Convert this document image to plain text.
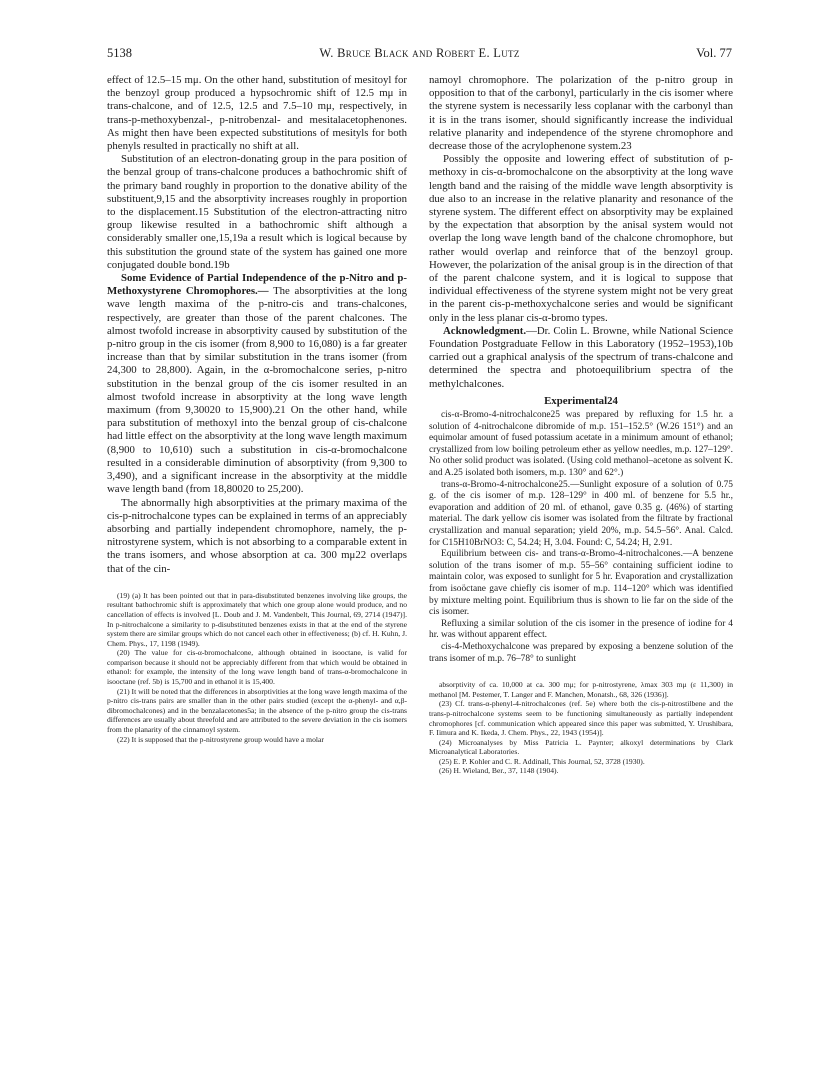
5138	W. Bruce Black and Robert E. Lutz	Vol. 77

effect of 12.5–15 mμ. On the other hand, substitution of mesitoyl for the benzoyl group produced a hypsochromic shift of 12.5 mμ in trans-chalcone, and of 12.5, 12.5 and 7.5–10 mμ, respectively, in trans-p-methoxybenzal-, p-nitrobenzal- and mesitalacetophenones. As might then have been expected substitutions of mesityls for both phenyls resulted in practically no shift at all.

Substitution of an electron-donating group in the para position of the benzal group of trans-chalcone produces a bathochromic shift of the primary band roughly in proportion to the donative ability of the substituent,9,15 and the absorptivity increases roughly in proportion to the displacement.15 Substitution of the electron-attracting nitro group likewise resulted in a bathochromic shift although a considerably smaller one,15,19a a result which is logical because by this substitution the ground state of the system has gained one more conjugated double bond.19b

Some Evidence of Partial Independence of the p-Nitro and p-Methoxystyrene Chromophores.— The absorptivities at the long wave length maxima of the p-nitro-cis and trans-chalcones, respectively, are greater than those of the parent chalcones. The almost twofold increase in absorptivity caused by substitution of the p-nitro group in the cis isomer (from 8,900 to 16,080) is a far greater increase than that by similar substitution in the trans isomer (from 24,300 to 28,800). Again, in the α-bromochalcone series, p-nitro substitution in the benzal group of the cis isomer resulted in an almost twofold increase in absorptivity at the long wave length maximum (from 9,30020 to 15,900).21 On the other hand, while para substitution of methoxyl into the benzal group of cis-chalcone had little effect on the absorptivity at the long wave length maximum (8,900 to 10,610) such a substitution in cis-α-bromochalcone resulted in a considerable diminution of absorptivity (from 9,300 to 3,490), and a significant increase in the absorptivity at the middle wave length band (from 18,80020 to 25,200).

The abnormally high absorptivities at the primary maxima of the cis-p-nitrochalcone types can be explained in terms of an appreciably absorbing and partially independent chromophore, namely, the p-nitrostyrene system, which is not absorbing to a comparable extent in the trans isomers, and whose absorption at ca. 300 mμ22 overlaps that of the cin-

(19) (a) It has been pointed out that in para-disubstituted benzenes involving like groups, the resultant bathochromic shift is approximately that which one group alone would produce, and no cancellation of effects is involved [L. Doub and J. M. Vandenbelt, This Journal, 69, 2714 (1947)]. In p-nitrochalcone a similarity to p-disubstituted benzenes exists in that at the end of the styrene system there are similar groups which do not cancel each other in effectiveness; (b) cf. H. Kuhn, J. Chem. Phys., 17, 1198 (1949).

(20) The value for cis-α-bromochalcone, although obtained in isooctane, is valid for comparison because it should not be appreciably different from that which would be obtained in ethanol: for example, the intensity of the long wave length band of trans-α-bromochalcone in isooctane (ref. 5b) is 15,700 and in ethanol it is 15,400.

(21) It will be noted that the differences in absorptivities at the long wave length maxima of the p-nitro cis-trans pairs are smaller than in the other pairs studied (except the α-phenyl- and α,β-dibromochalcones) and in the benzalacetones5a; in the absence of the p-nitro group the cis-trans differences are usually about threefold and are attributed to the severe deviation in the cis isomers from the planarity of the cinnamoyl system.

(22) It is supposed that the p-nitrostyrene group would have a molar

namoyl chromophore. The polarization of the p-nitro group in opposition to that of the carbonyl, particularly in the cis isomer where the styrene system is necessarily less coplanar with the carbonyl than it is in the trans isomer, should significantly increase the individual relative planarity and independence of the styrene chromophore and decrease those of the acrylophenone system.23

Possibly the opposite and lowering effect of substitution of p-methoxy in cis-α-bromochalcone on the absorptivity at the long wave length band and the raising of the middle wave length absorptivity is due also to an increase in the relative planarity and resonance of the styrene system. The different effect on absorptivity may be explained by the expectation that absorption by the anisal system would not overlap the long wave length band of the chalcone chromophore, but rather would overlap and reinforce that of the benzoyl group. However, the polarization of the anisal group is in the direction of that of the parent chalcone system, and it is logical to suppose that individual effectiveness of the styrene system might not be very great in the parent cis-p-methoxychalcone series and would be significant only in the less planar cis-α-bromo types.

Acknowledgment.—Dr. Colin L. Browne, while National Science Foundation Postgraduate Fellow in this Laboratory (1952–1953),10b carried out a graphical analysis of the spectrum of trans-chalcone and determined the spectra and photoequilibrium spectra of the methylchalcones.

Experimental24

cis-α-Bromo-4-nitrochalcone25 was prepared by refluxing for 1.5 hr. a solution of 4-nitrochalcone dibromide of m.p. 151–152.5° (W.26 151°) and an equimolar amount of fused potassium acetate in a minimum amount of ethanol; crystallized from low boiling petroleum ether as yellow needles, m.p. 127–129°. No other solid product was isolated. (Using cold methanol–acetone as solvent K. and A.25 isolated both isomers, m.p. 130° and 62°.)

trans-α-Bromo-4-nitrochalcone25.—Sunlight exposure of a solution of 0.75 g. of the cis isomer of m.p. 128–129° in 400 ml. of benzene for 5.5 hr., evaporation and addition of 20 ml. of ethanol, gave 0.35 g. (46%) of starting material. The dark yellow cis isomer was isolated from the filtrate by fractional crystallization and manual separation; yield 20%, m.p. 54.5–56°. Anal. Calcd. for C15H10BrNO3: C, 54.24; H, 3.04. Found: C, 54.24; H, 2.91.

Equilibrium between cis- and trans-α-Bromo-4-nitrochalcones.—A benzene solution of the trans isomer of m.p. 55–56° containing sufficient iodine to maintain color, was exposed to sunlight for 5 hr. Evaporation and crystallization from isoöctane gave chiefly cis isomer of m.p. 114–120° which was identified by mixture melting point. Equilibrium thus is shown to lie far on the side of the cis isomer.

Refluxing a similar solution of the cis isomer in the presence of iodine for 4 hr. was without apparent effect.

cis-4-Methoxychalcone was prepared by exposing a benzene solution of the trans isomer of m.p. 76–78° to sunlight

absorptivity of ca. 10,000 at ca. 300 mμ; for p-nitrostyrene, λmax 303 mμ (ε 11,300) in methanol [M. Pestemer, T. Langer and F. Manchen, Monatsh., 68, 326 (1936)].

(23) Cf. trans-α-phenyl-4-nitrochalcones (ref. 5e) where both the cis-p-nitrostilbene and the trans-p-nitrochalcone systems seem to be functioning simultaneously as partially independent chromophores [cf. communication which appeared since this paper was submitted, Y. Urushibara, F. Iimura and K. Ikeda, J. Chem. Phys., 22, 1943 (1954)].

(24) Microanalyses by Miss Patricia L. Paynter; alkoxyl determinations by Clark Microanalytical Laboratories.

(25) E. P. Kohler and C. R. Addinall, This Journal, 52, 3728 (1930).

(26) H. Wieland, Ber., 37, 1148 (1904).
